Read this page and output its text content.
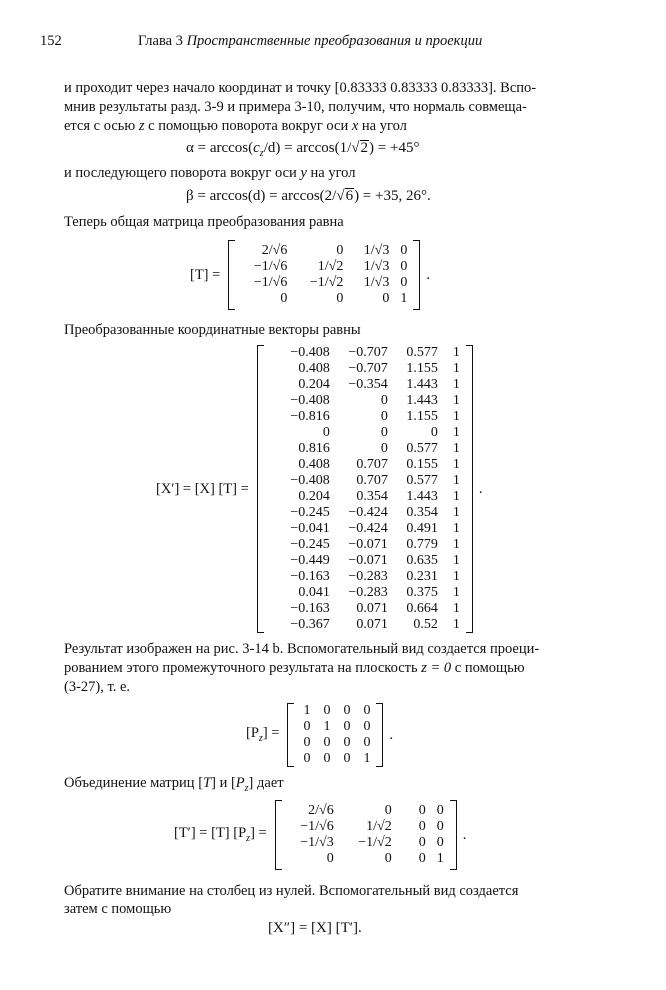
152	Глава 3 Пространственные преобразования и проекции
и проходит через начало координат и точку [0.83333 0.83333 0.83333]. Вспо-
мнив результаты разд. 3-9 и примера 3-10, получим, что нормаль совмеща-
ется с осью z с помощью поворота вокруг оси x на угол
$\alpha = \arccos(c_z/d) = \arccos(1/√2) = +45^\circ$
и последующего поворота вокруг оси y на угол
β = arccos(d) = arccos(2/√6) = +35, 26°.
Теперь общая матрица преобразования равна
[T] =
2/√6	0	1/√3 0
−1/√6	1/√2	1/√3 0
−1/√6	−1/√2	1/√3 0
0	0	0 1
.
Преобразованные координатные векторы равны
[X′] = [X] [T] =
−0.408	−0.707	0.577	1
0.408	−0.707	1.155	1
0.204	−0.354	1.443	1
−0.408	0	1.443	1
−0.816	0	1.155	1
0	0	0	1
0.816	0	0.577	1
0.408	0.707	0.155	1
−0.408	0.707	0.577	1
0.204	0.354	1.443	1
−0.245	−0.424	0.354	1
−0.041	−0.424	0.491	1
−0.245	−0.071	0.779	1
−0.449	−0.071	0.635	1
−0.163	−0.283	0.231	1
0.041	−0.283	0.375	1
−0.163	0.071	0.664	1
−0.367	0.071	0.52	1
.
Результат изображен на рис. 3-14 b. Вспомогательный вид создается проеци-
рованием этого промежуточного результата на плоскость z = 0 с помощью
(3-27), т. е.
$[P_z]$ =
1 0 0 0
0 1 0 0
0 0 0 0
0 0 0 1
.
Объединение матриц [T] и $[P_z]$ дает
[T′] = [T] $[P_z]$ =
2/√6	0	0 0
−1/√6	1/√2	0 0
−1/√3	−1/√2	0 0
0	0	0 1
.
Обратите внимание на столбец из нулей. Вспомогательный вид создается
затем с помощью
[X″] = [X] [T′].
